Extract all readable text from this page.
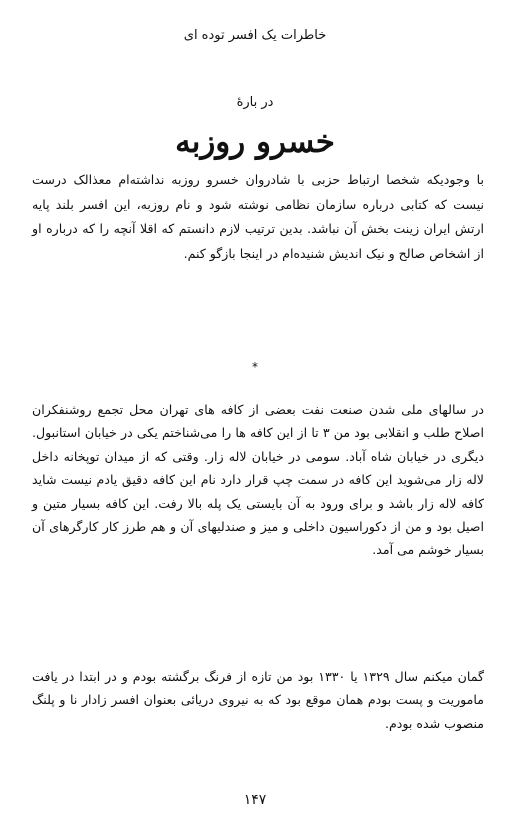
خاطرات یک افسر توده ای
در بارهٔ
خسرو روزبه

با وجودیکه شخصا ارتباط حزبی با شادروان خسرو روزبه نداشته‌ام معذالک درست نیست که کتابی درباره سازمان نظامی نوشته شود و نام روزبه، این افسر بلند پایه ارتش ایران زینت بخش آن نباشد. بدین ترتیب لازم دانستم که اقلا آنچه را که درباره او از اشخاص صالح و نیک اندیش شنیده‌ام در اینجا بازگو کنم.

*

در سالهای ملی شدن صنعت نفت بعضی از کافه های تهران محل تجمع روشنفکران اصلاح طلب و انقلابی بود من ۳ تا از این کافه ها را می‌شناختم یکی در خیابان استانبول. دیگری در خیابان شاه آباد. سومی در خیابان لاله زار. وقتی که از میدان توپخانه داخل لاله زار می‌شوید این کافه در سمت چپ قرار دارد نام این کافه دقیق یادم نیست شاید کافه لاله زار باشد و برای ورود به آن بایستی یک پله بالا رفت. این کافه بسیار متین و اصیل بود و من از دکوراسیون داخلی و میز و صندلیهای آن و هم طرز کار کارگرهای آن بسیار خوشم می آمد.

گمان میکنم سال ۱۳۲۹ یا ۱۳۳۰ بود من تازه از فرنگ برگشته بودم و در ابتدا در یافت ماموریت و پست بودم همان موقع بود که به نیروی دریائی بعنوان افسر زادار نا و پلنگ منصوب شده بودم.

۱۴۷
